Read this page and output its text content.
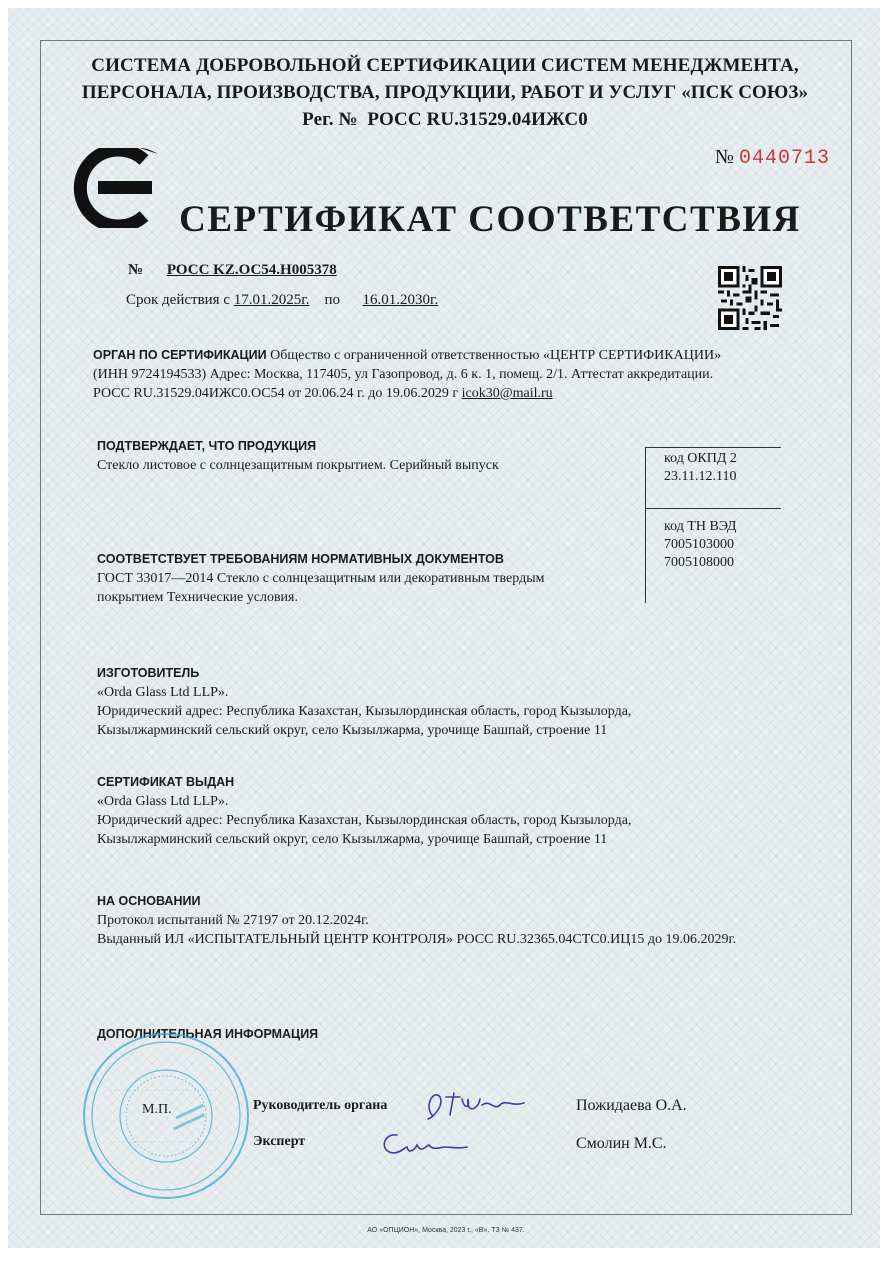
СИСТЕМА ДОБРОВОЛЬНОЙ СЕРТИФИКАЦИИ СИСТЕМ МЕНЕДЖМЕНТА,
ПЕРСОНАЛА, ПРОИЗВОДСТВА, ПРОДУКЦИИ, РАБОТ И УСЛУГ «ПСК СОЮЗ»
Рег. № РОСС RU.31529.04ИЖС0
№ 0440713
СЕРТИФИКАТ СООТВЕТСТВИЯ
№ РОСС KZ.ОС54.Н005378
Срок действия с 17.01.2025г. по 16.01.2030г.
ОРГАН ПО СЕРТИФИКАЦИИ Общество с ограниченной ответственностью «ЦЕНТР СЕРТИФИКАЦИИ»
(ИНН 9724194533) Адрес: Москва, 117405, ул Газопровод, д. 6 к. 1, помещ. 2/1. Аттестат аккредитации.
РОСС RU.31529.04ИЖС0.ОС54 от 20.06.24 г. до 19.06.2029 г icok30@mail.ru
ПОДТВЕРЖДАЕТ, ЧТО ПРОДУКЦИЯ
Стекло листовое с солнцезащитным покрытием. Серийный выпуск	код ОКПД 2
23.11.12.110
код ТН ВЭД
7005103000
7005108000
СООТВЕТСТВУЕТ ТРЕБОВАНИЯМ НОРМАТИВНЫХ ДОКУМЕНТОВ
ГОСТ 33017—2014 Стекло с солнцезащитным или декоративным твердым
покрытием Технические условия.
ИЗГОТОВИТЕЛЬ
«Orda Glass Ltd LLP».
Юридический адрес: Республика Казахстан, Кызылординская область, город Кызылорда,
Кызылжарминский сельский округ, село Кызылжарма, урочище Башпай, строение 11
СЕРТИФИКАТ ВЫДАН
«Orda Glass Ltd LLP».
Юридический адрес: Республика Казахстан, Кызылординская область, город Кызылорда,
Кызылжарминский сельский округ, село Кызылжарма, урочище Башпай, строение 11
НА ОСНОВАНИИ
Протокол испытаний № 27197 от 20.12.2024г.
Выданный ИЛ «ИСПЫТАТЕЛЬНЫЙ ЦЕНТР КОНТРОЛЯ» РОСС RU.32365.04СТС0.ИЦ15 до 19.06.2029г.
ДОПОЛНИТЕЛЬНАЯ ИНФОРМАЦИЯ
М.П.	Руководитель органа	Пожидаева О.А.
Эксперт	Смолин М.С.
АО «ОПЦИОН», Москва, 2023 г., «В». ТЗ № 437.
